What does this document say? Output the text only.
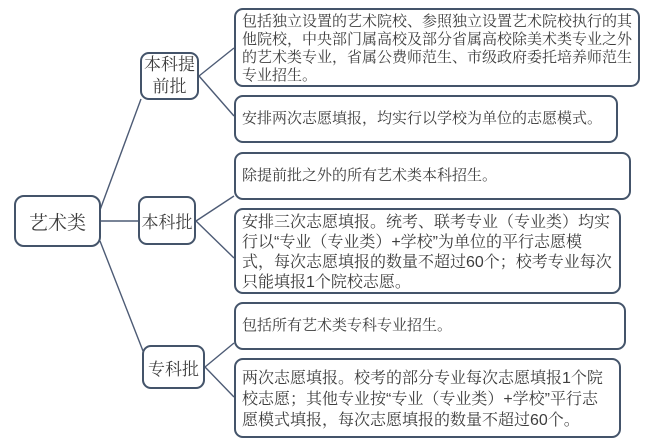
艺术类
本科提前批
本科批
专科批
包括独立设置的艺术院校、参照独立设置艺术院校执行的其他院校，中央部门属高校及部分省属高校除美术类专业之外的艺术类专业，省属公费师范生、市级政府委托培养师范生专业招生。
安排两次志愿填报，均实行以学校为单位的志愿模式。
除提前批之外的所有艺术类本科招生。
安排三次志愿填报。统考、联考专业（专业类）均实行以“专业（专业类）+学校”为单位的平行志愿模式，每次志愿填报的数量不超过60个；校考专业每次只能填报1个院校志愿。
包括所有艺术类专科专业招生。
两次志愿填报。校考的部分专业每次志愿填报1个院校志愿；其他专业按“专业（专业类）+学校”平行志愿模式填报，每次志愿填报的数量不超过60个。
